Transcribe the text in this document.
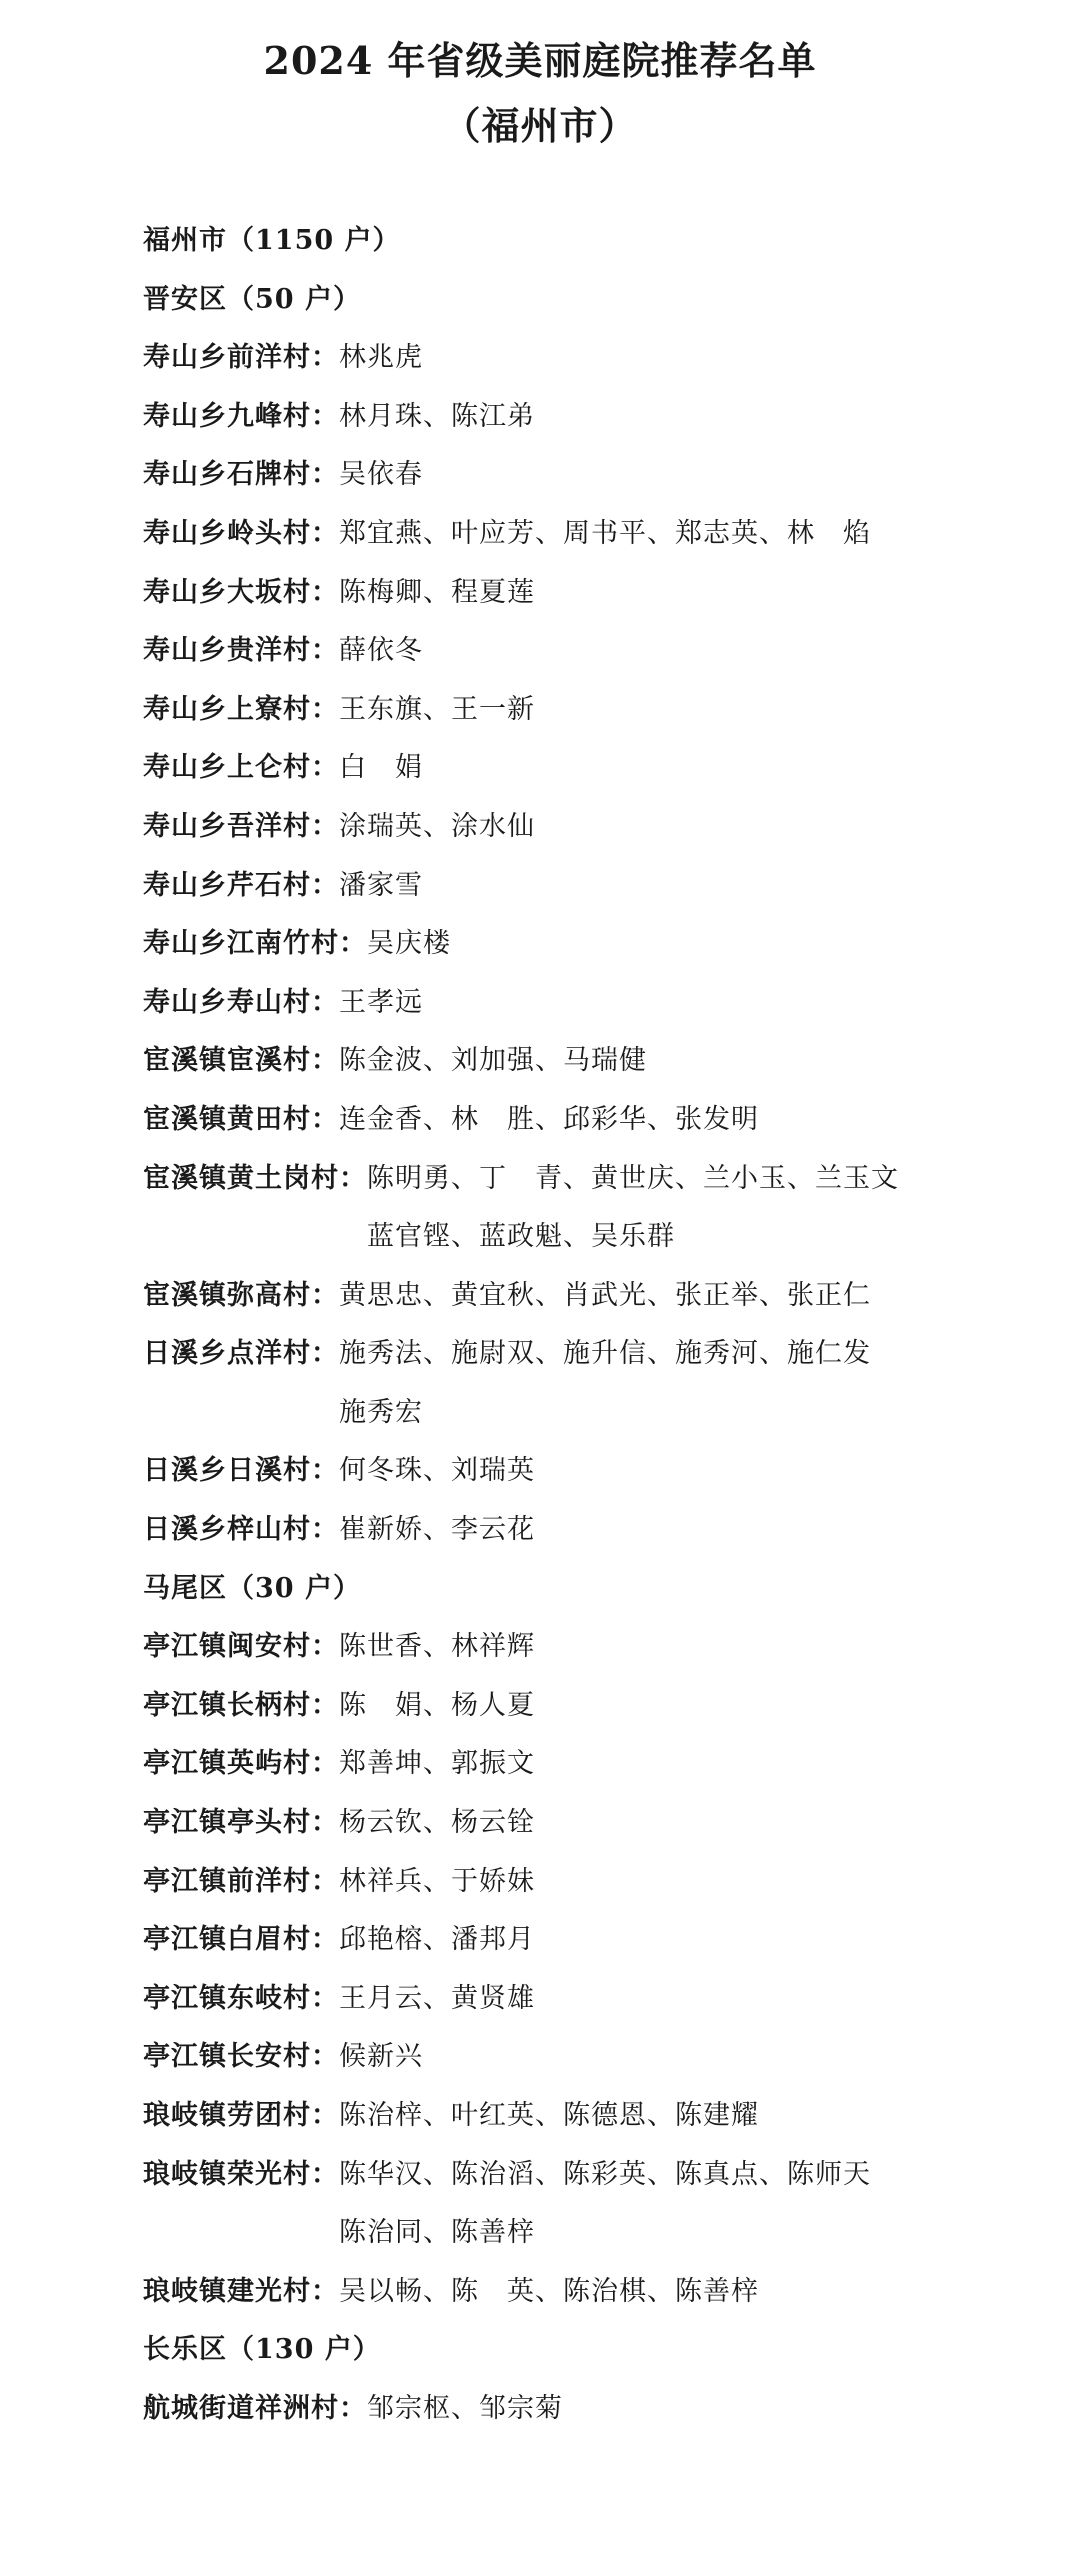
2024 年省级美丽庭院推荐名单
（福州市）
福州市（1150 户）
晋安区（50 户）
寿山乡前洋村：林兆虎
寿山乡九峰村：林月珠、陈江弟
寿山乡石牌村：吴依春
寿山乡岭头村：郑宜燕、叶应芳、周书平、郑志英、林　焰
寿山乡大坂村：陈梅卿、程夏莲
寿山乡贵洋村：薛依冬
寿山乡上寮村：王东旗、王一新
寿山乡上仑村：白　娟
寿山乡吾洋村：涂瑞英、涂水仙
寿山乡芹石村：潘家雪
寿山乡江南竹村：吴庆楼
寿山乡寿山村：王孝远
宦溪镇宦溪村：陈金波、刘加强、马瑞健
宦溪镇黄田村：连金香、林　胜、邱彩华、张发明
宦溪镇黄土岗村：陈明勇、丁　青、黄世庆、兰小玉、兰玉文
蓝官铿、蓝政魁、吴乐群
宦溪镇弥高村：黄思忠、黄宜秋、肖武光、张正举、张正仁
日溪乡点洋村：施秀法、施尉双、施升信、施秀河、施仁发
施秀宏
日溪乡日溪村：何冬珠、刘瑞英
日溪乡梓山村：崔新娇、李云花
马尾区（30 户）
亭江镇闽安村：陈世香、林祥辉
亭江镇长柄村：陈　娟、杨人夏
亭江镇英屿村：郑善坤、郭振文
亭江镇亭头村：杨云钦、杨云铨
亭江镇前洋村：林祥兵、于娇妹
亭江镇白眉村：邱艳榕、潘邦月
亭江镇东岐村：王月云、黄贤雄
亭江镇长安村：候新兴
琅岐镇劳团村：陈治梓、叶红英、陈德恩、陈建耀
琅岐镇荣光村：陈华汉、陈治滔、陈彩英、陈真点、陈师天
陈治同、陈善梓
琅岐镇建光村：吴以畅、陈　英、陈治棋、陈善梓
长乐区（130 户）
航城街道祥洲村：邹宗枢、邹宗菊
